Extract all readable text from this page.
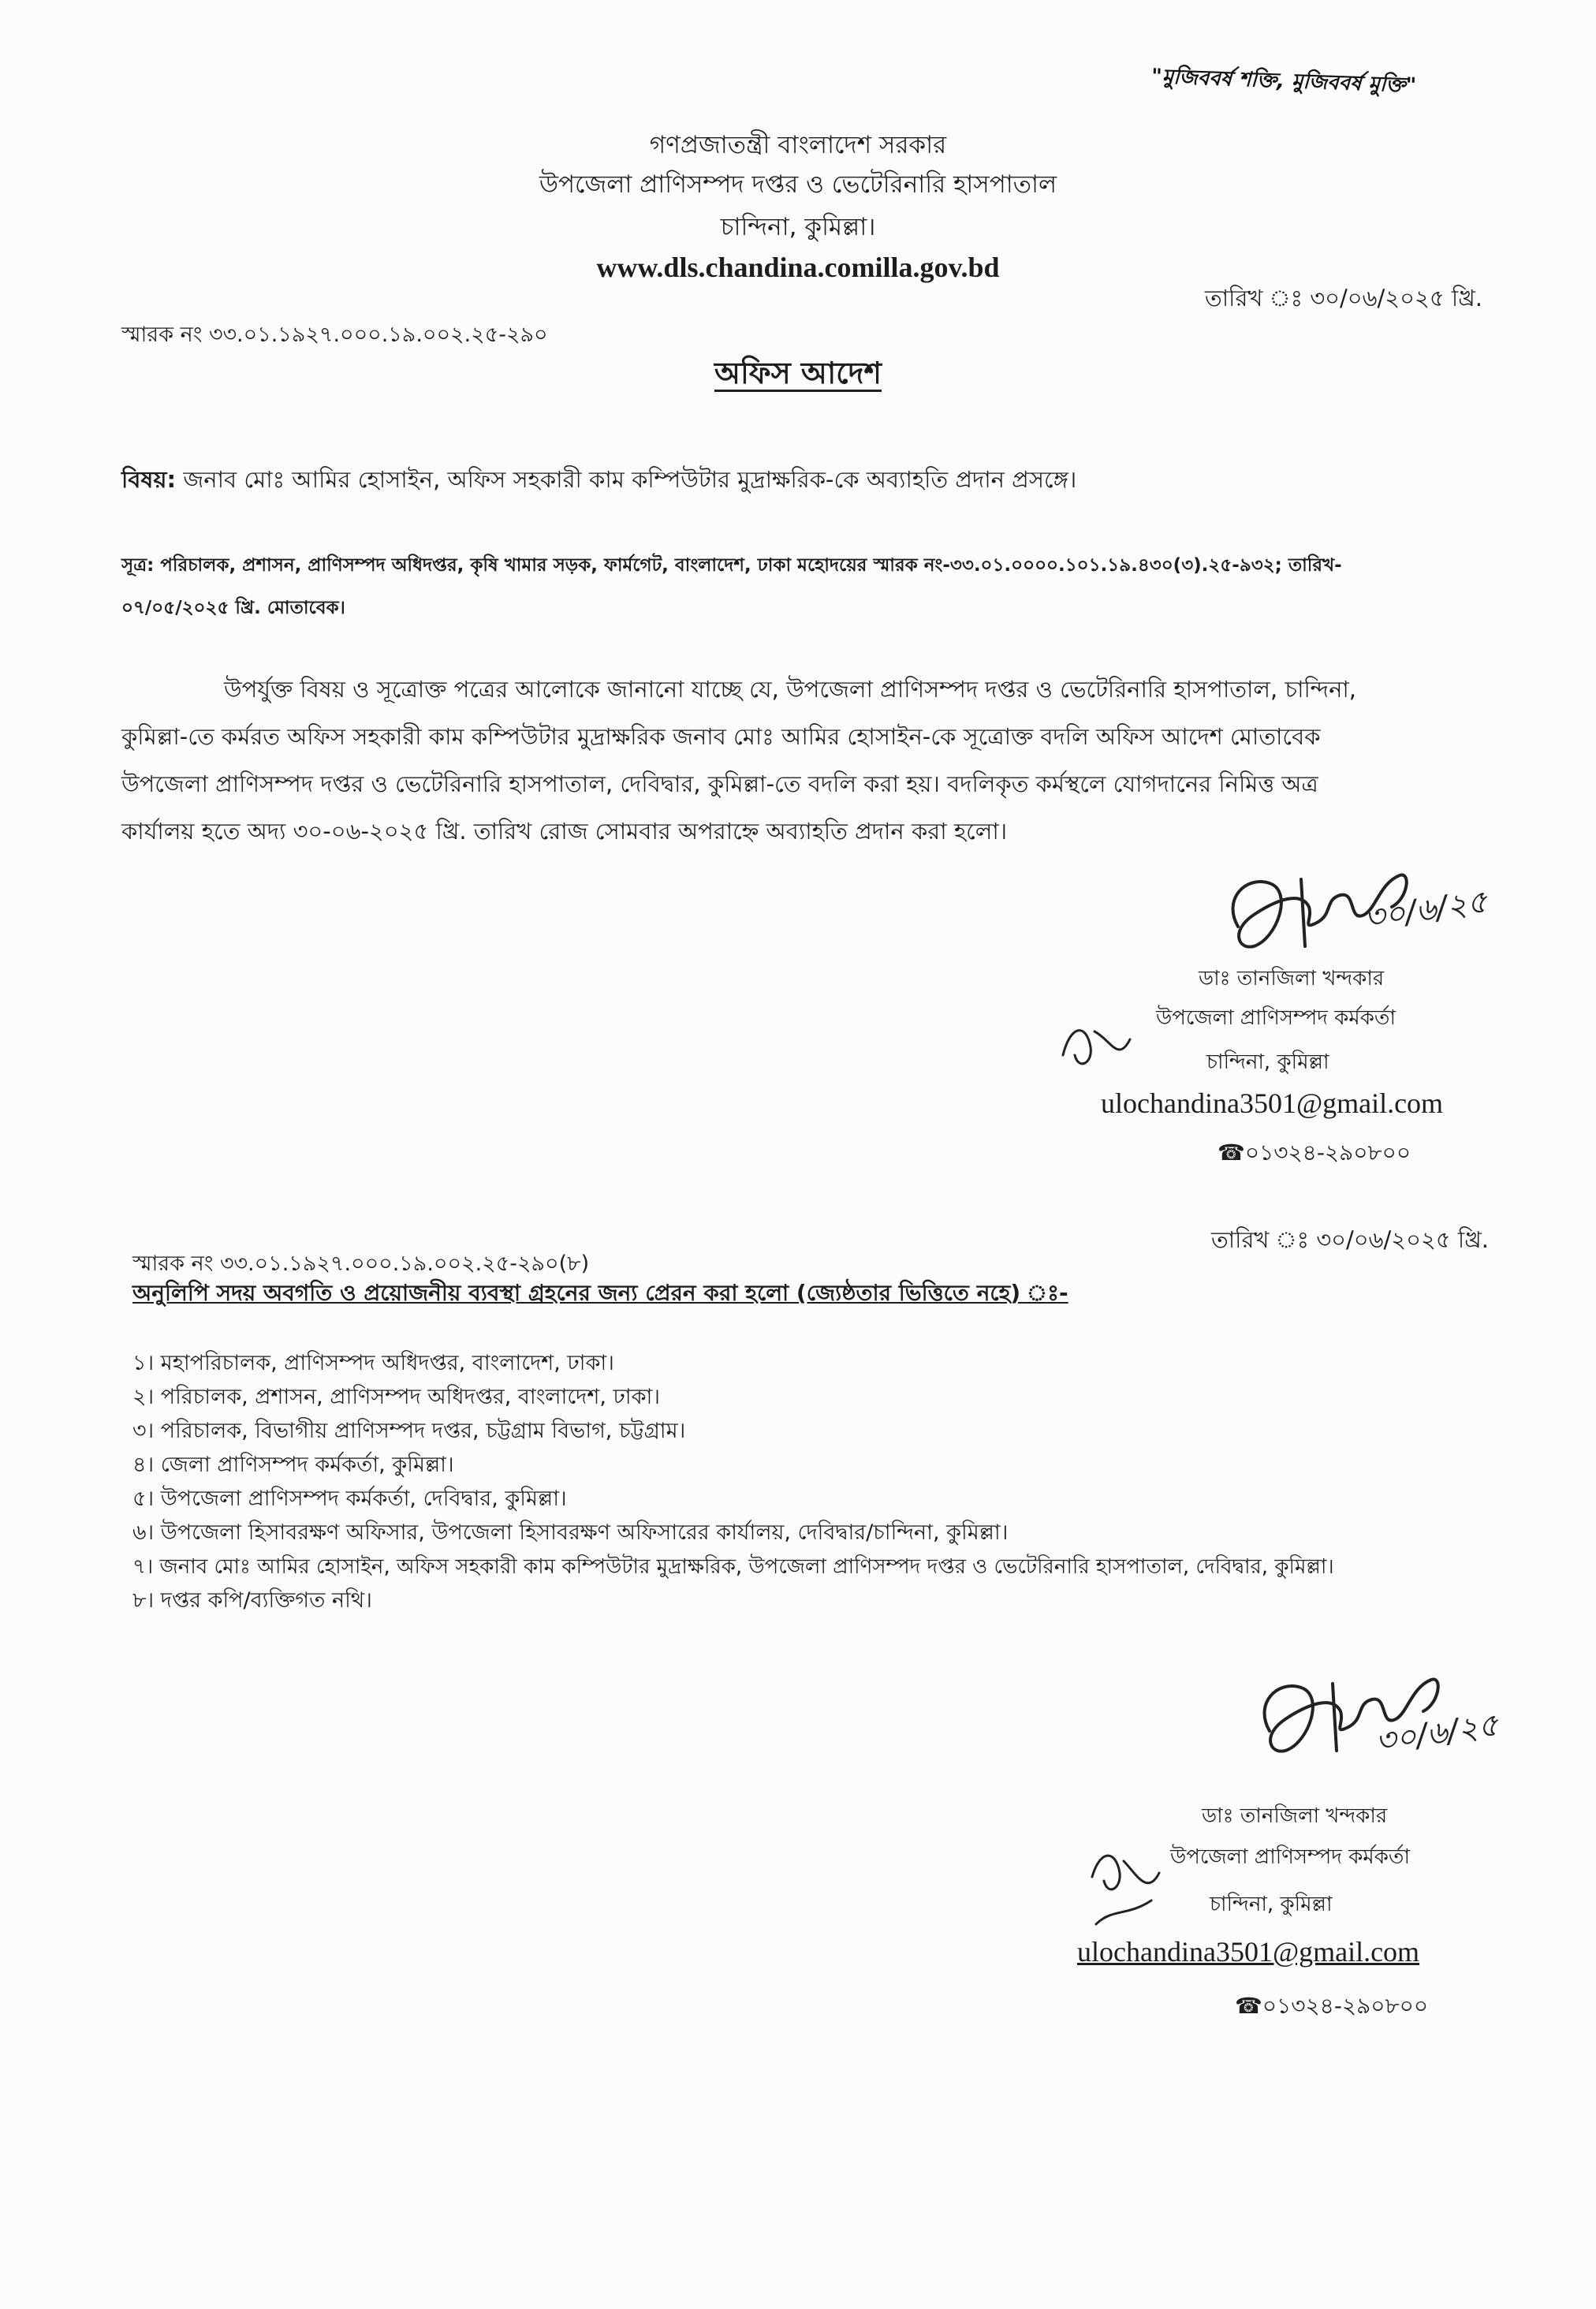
"মুজিববর্ষ শক্তি, মুজিববর্ষ মুক্তি"
গণপ্রজাতন্ত্রী বাংলাদেশ সরকার
উপজেলা প্রাণিসম্পদ দপ্তর ও ভেটেরিনারি হাসপাতাল
চান্দিনা, কুমিল্লা।
www.dls.chandina.comilla.gov.bd
তারিখ ঃ ৩০/০৬/২০২৫ খ্রি.
স্মারক নং ৩৩.০১.১৯২৭.০০০.১৯.০০২.২৫-২৯০
অফিস আদেশ
বিষয়: জনাব মোঃ আমির হোসাইন, অফিস সহকারী কাম কম্পিউটার মুদ্রাক্ষরিক-কে অব্যাহতি প্রদান প্রসঙ্গে।
সূত্র: পরিচালক, প্রশাসন, প্রাণিসম্পদ অধিদপ্তর, কৃষি খামার সড়ক, ফার্মগেট, বাংলাদেশ, ঢাকা মহোদয়ের স্মারক নং-৩৩.০১.০০০০.১০১.১৯.৪৩০(৩).২৫-৯৩২; তারিখ-
০৭/০৫/২০২৫ খ্রি. মোতাবেক।
উপর্যুক্ত বিষয় ও সূত্রোক্ত পত্রের আলোকে জানানো যাচ্ছে যে, উপজেলা প্রাণিসম্পদ দপ্তর ও ভেটেরিনারি হাসপাতাল, চান্দিনা,
কুমিল্লা-তে কর্মরত অফিস সহকারী কাম কম্পিউটার মুদ্রাক্ষরিক জনাব মোঃ আমির হোসাইন-কে সূত্রোক্ত বদলি অফিস আদেশ মোতাবেক
উপজেলা প্রাণিসম্পদ দপ্তর ও ভেটেরিনারি হাসপাতাল, দেবিদ্বার, কুমিল্লা-তে বদলি করা হয়। বদলিকৃত কর্মস্থলে যোগদানের নিমিত্ত অত্র
কার্যালয় হতে অদ্য ৩০-০৬-২০২৫ খ্রি. তারিখ রোজ সোমবার অপরাহ্নে অব্যাহতি প্রদান করা হলো।
৩০/৬/২৫
ডাঃ তানজিলা খন্দকার
উপজেলা প্রাণিসম্পদ কর্মকর্তা
চান্দিনা, কুমিল্লা
ulochandina3501@gmail.com
☎০১৩২৪-২৯০৮০০
তারিখ ঃ ৩০/০৬/২০২৫ খ্রি.
স্মারক নং ৩৩.০১.১৯২৭.০০০.১৯.০০২.২৫-২৯০(৮)
অনুলিপি সদয় অবগতি ও প্রয়োজনীয় ব্যবস্থা গ্রহনের জন্য প্রেরন করা হলো (জ্যেষ্ঠতার ভিত্তিতে নহে) ঃ-
১। মহাপরিচালক, প্রাণিসম্পদ অধিদপ্তর, বাংলাদেশ, ঢাকা।
২। পরিচালক, প্রশাসন, প্রাণিসম্পদ অধিদপ্তর, বাংলাদেশ, ঢাকা।
৩। পরিচালক, বিভাগীয় প্রাণিসম্পদ দপ্তর, চট্টগ্রাম বিভাগ, চট্টগ্রাম।
৪। জেলা প্রাণিসম্পদ কর্মকর্তা, কুমিল্লা।
৫। উপজেলা প্রাণিসম্পদ কর্মকর্তা, দেবিদ্বার, কুমিল্লা।
৬। উপজেলা হিসাবরক্ষণ অফিসার, উপজেলা হিসাবরক্ষণ অফিসারের কার্যালয়, দেবিদ্বার/চান্দিনা, কুমিল্লা।
৭। জনাব মোঃ আমির হোসাইন, অফিস সহকারী কাম কম্পিউটার মুদ্রাক্ষরিক, উপজেলা প্রাণিসম্পদ দপ্তর ও ভেটেরিনারি হাসপাতাল, দেবিদ্বার, কুমিল্লা।
৮। দপ্তর কপি/ব্যক্তিগত নথি।
৩০/৬/২৫
ডাঃ তানজিলা খন্দকার
উপজেলা প্রাণিসম্পদ কর্মকর্তা
চান্দিনা, কুমিল্লা
ulochandina3501@gmail.com
☎০১৩২৪-২৯০৮০০
